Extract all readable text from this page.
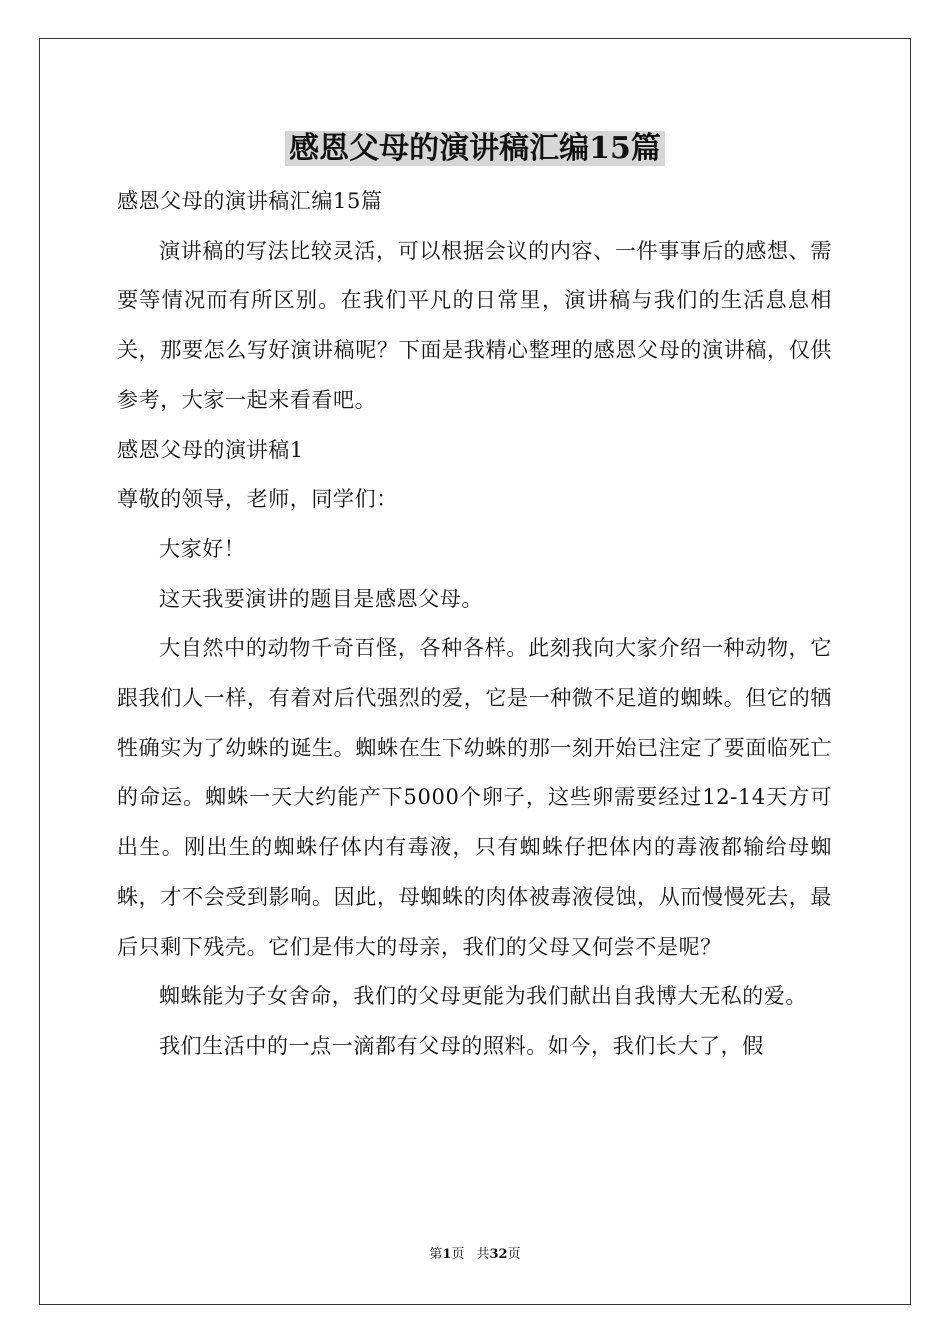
感恩父母的演讲稿汇编15篇

感恩父母的演讲稿汇编15篇

演讲稿的写法比较灵活，可以根据会议的内容、一件事事后的感想、需要等情况而有所区别。在我们平凡的日常里，演讲稿与我们的生活息息相关，那要怎么写好演讲稿呢？下面是我精心整理的感恩父母的演讲稿，仅供参考，大家一起来看看吧。

感恩父母的演讲稿1

尊敬的领导，老师，同学们：

大家好！

这天我要演讲的题目是感恩父母。

大自然中的动物千奇百怪，各种各样。此刻我向大家介绍一种动物，它跟我们人一样，有着对后代强烈的爱，它是一种微不足道的蜘蛛。但它的牺牲确实为了幼蛛的诞生。蜘蛛在生下幼蛛的那一刻开始已注定了要面临死亡的命运。蜘蛛一天大约能产下5000个卵子，这些卵需要经过12-14天方可出生。刚出生的蜘蛛仔体内有毒液，只有蜘蛛仔把体内的毒液都输给母蜘蛛，才不会受到影响。因此，母蜘蛛的肉体被毒液侵蚀，从而慢慢死去，最后只剩下残壳。它们是伟大的母亲，我们的父母又何尝不是呢？

蜘蛛能为子女舍命，我们的父母更能为我们献出自我博大无私的爱。

我们生活中的一点一滴都有父母的照料。如今，我们长大了，假

第1页 共32页
